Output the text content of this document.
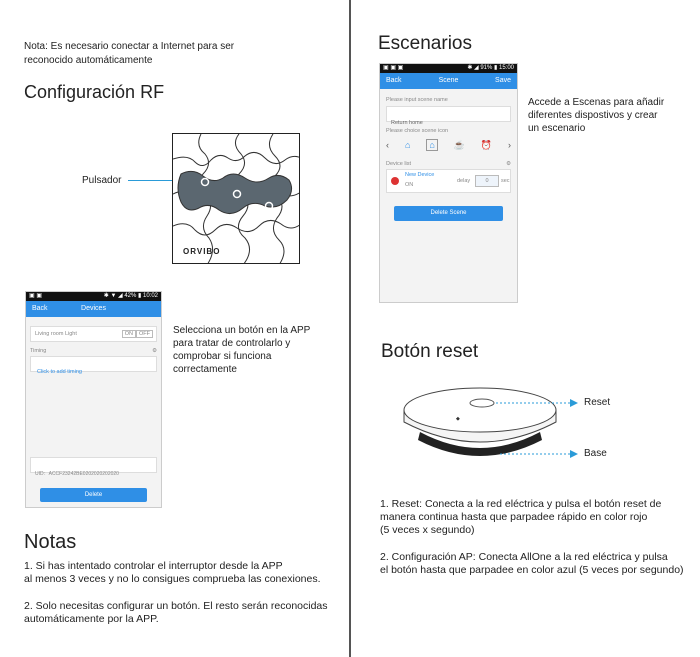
Nota: Es necesario conectar a Internet para ser
reconocido automáticamente
Configuración RF
Pulsador
ORVIBO
▣ ▣	✱ ▼ ◢ 42% ▮ 10:02
Devices
Back
Living room Light	ON	OFF
Timing	⚙
Click to add timing
UID：ACCF23242BE0202020202020
Delete
Selecciona un botón en la APP
para tratar de controlarlo y
comprobar si funciona
correctamente
Notas
1. Si has intentado controlar el interruptor desde la APP
al menos 3 veces y no lo consigues comprueba las conexiones.
2. Solo necesitas configurar un botón. El resto serán reconocidas
automáticamente por la APP.
Escenarios
▣ ▣ ▣	✱ ◢ 91% ▮ 15:00
Scene
Back	Save
Please input scene name
Return home
Please choice scene icon
‹ ⌂	⌂	☕ ⏰ ›
Device list	⚙
New Device
ON
delay	0	sec
Delete Scene
Accede a Escenas para añadir
diferentes dispostivos y crear
un escenario
Botón reset
◆
Reset
Base
1. Reset: Conecta a la red eléctrica y pulsa el botón reset de
manera continua hasta que parpadee rápido en color rojo
(5 veces x segundo)
2. Configuración AP: Conecta AllOne a la red eléctrica y pulsa
el botón hasta que parpadee en color azul (5 veces por segundo)
